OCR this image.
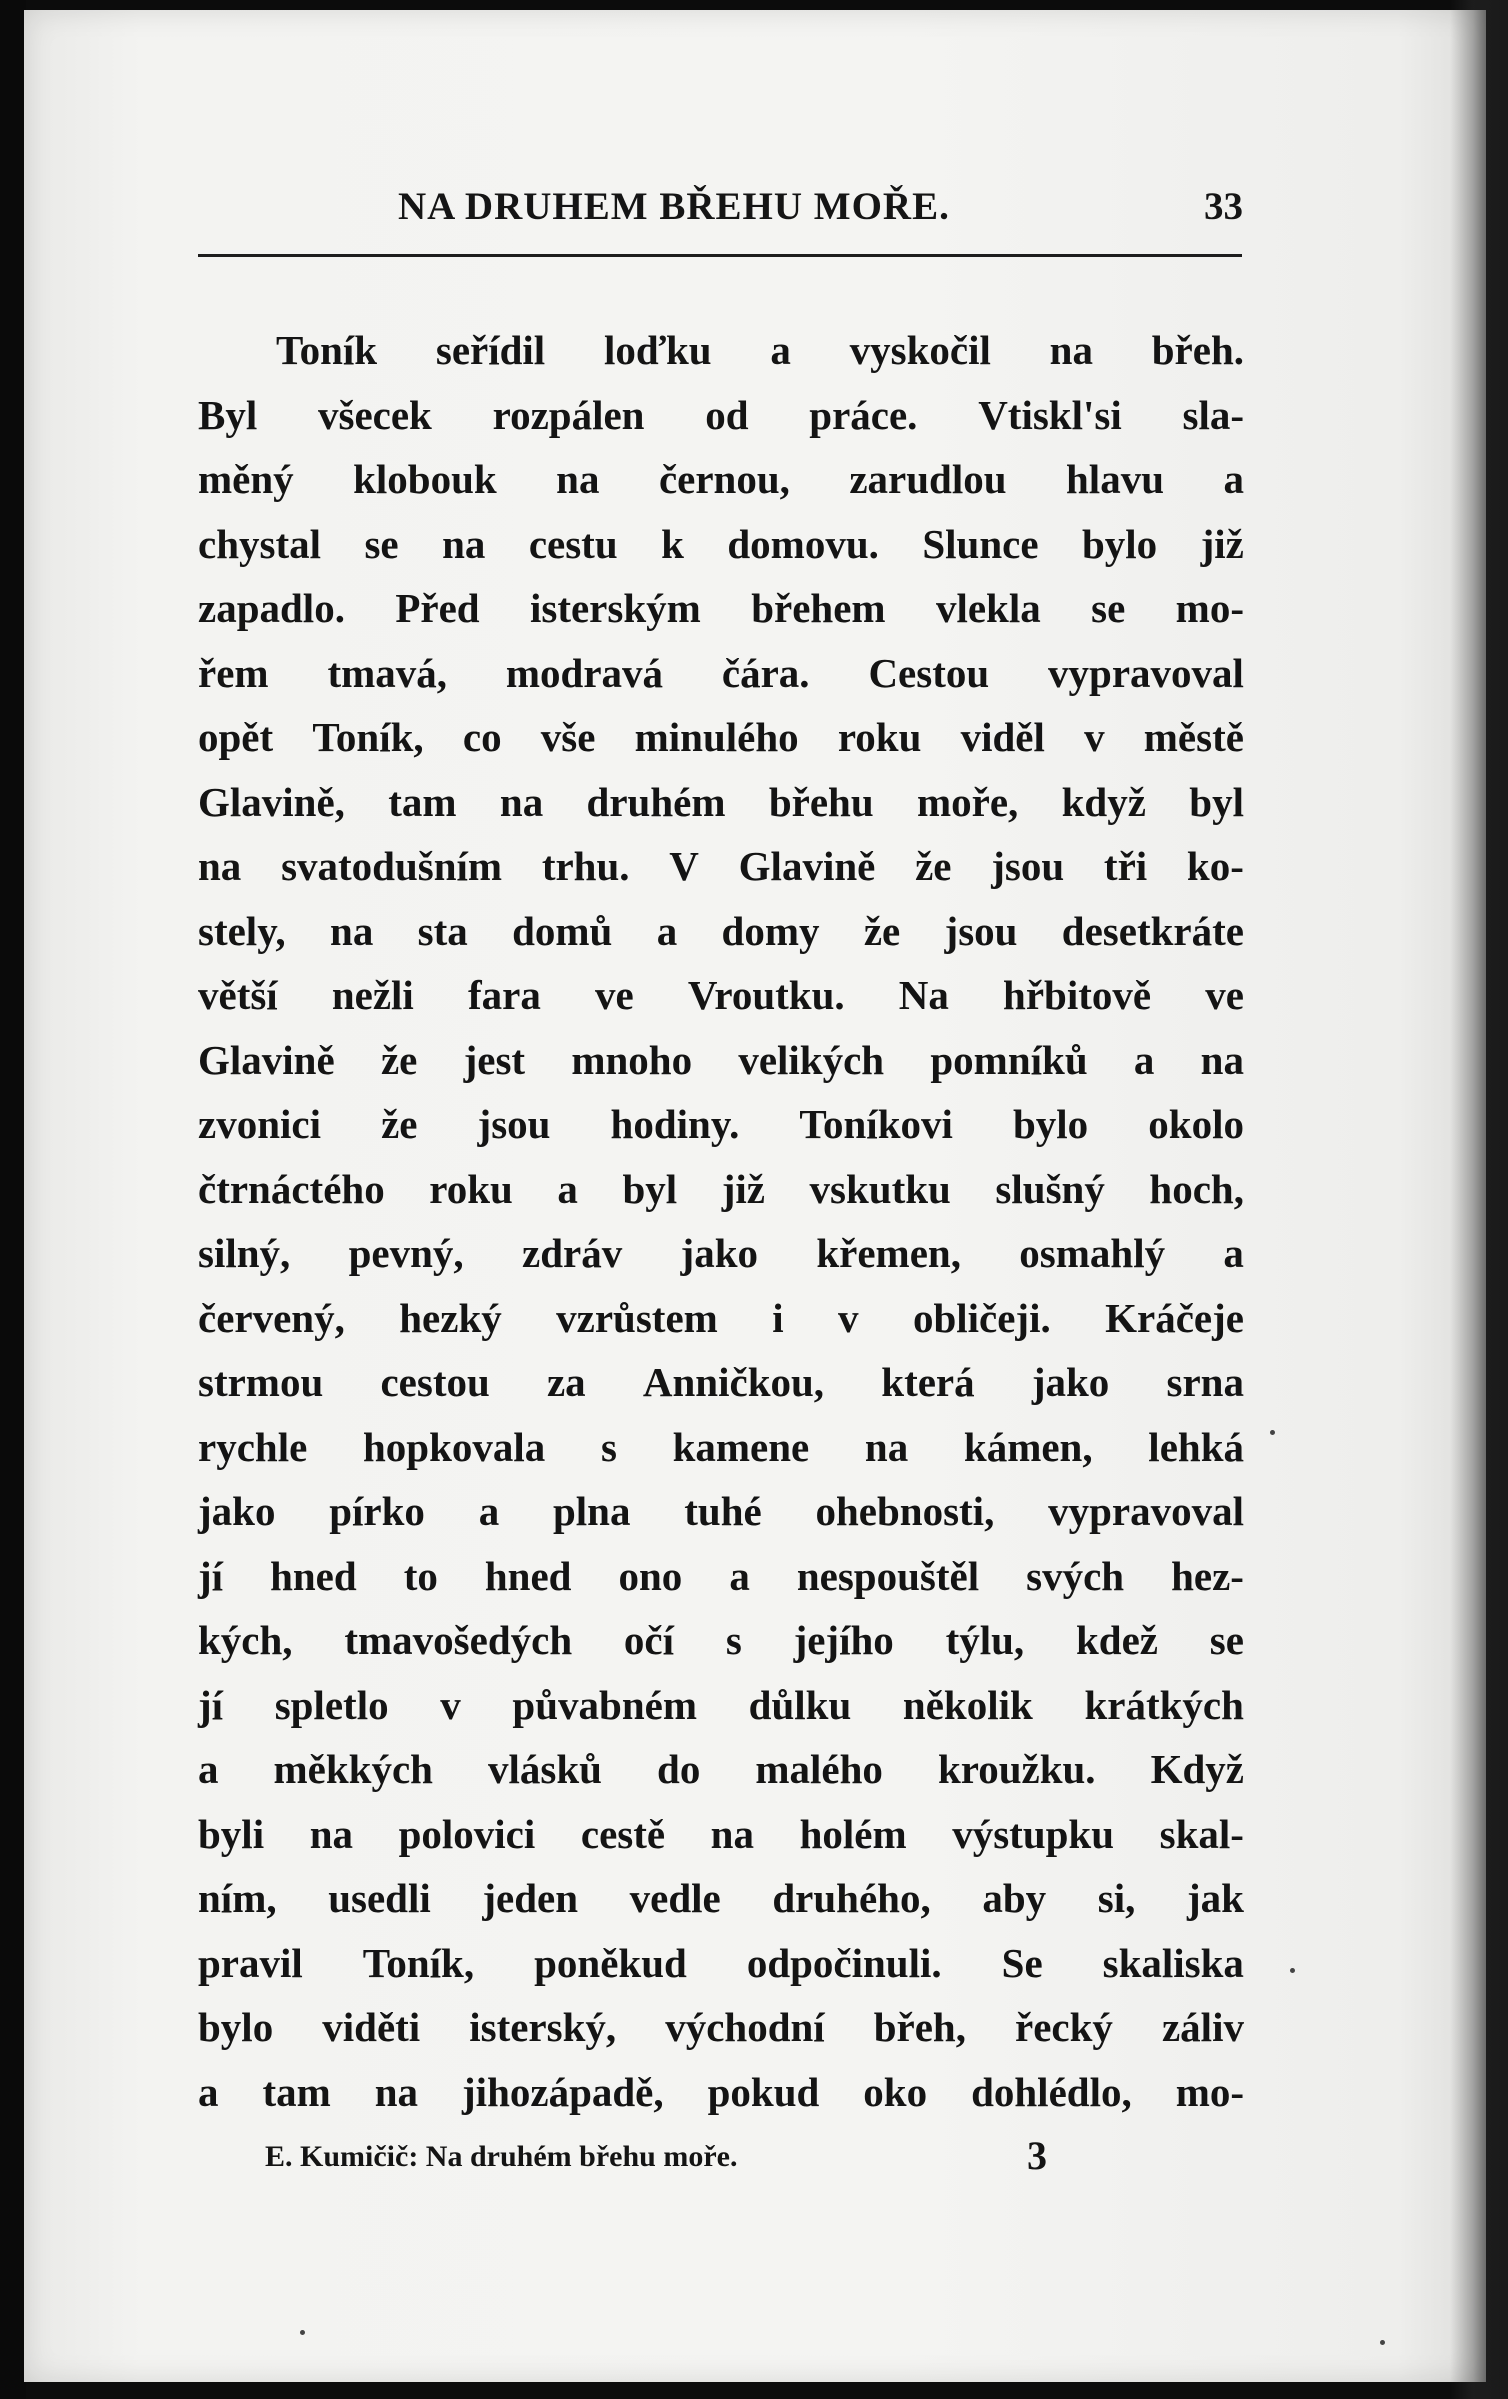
NA DRUHEM BŘEHU MOŘE.	33
Toník seřídil loďku a vyskočil na břeh.
Byl všecek rozpálen od práce. Vtiskl'si sla-
měný klobouk na černou, zarudlou hlavu a
chystal se na cestu k domovu. Slunce bylo již
zapadlo. Před isterským břehem vlekla se mo-
řem tmavá, modravá čára. Cestou vypravoval
opět Toník, co vše minulého roku viděl v městě
Glavině, tam na druhém břehu moře, když byl
na svatodušním trhu. V Glavině že jsou tři ko-
stely, na sta domů a domy že jsou desetkráte
větší nežli fara ve Vroutku. Na hřbitově ve
Glavině že jest mnoho velikých pomníků a na
zvonici že jsou hodiny. Toníkovi bylo okolo
čtrnáctého roku a byl již vskutku slušný hoch,
silný, pevný, zdráv jako křemen, osmahlý a
červený, hezký vzrůstem i v obličeji. Kráčeje
strmou cestou za Anničkou, která jako srna
rychle hopkovala s kamene na kámen, lehká
jako pírko a plna tuhé ohebnosti, vypravoval
jí hned to hned ono a nespouštěl svých hez-
kých, tmavošedých očí s jejího týlu, kdež se
jí spletlo v půvabném důlku několik krátkých
a měkkých vlásků do malého kroužku. Když
byli na polovici cestě na holém výstupku skal-
ním, usedli jeden vedle druhého, aby si, jak
pravil Toník, poněkud odpočinuli. Se skaliska
bylo viděti isterský, východní břeh, řecký záliv
a tam na jihozápadě, pokud oko dohlédlo, mo-
E. Kumičič: Na druhém břehu moře.	3
